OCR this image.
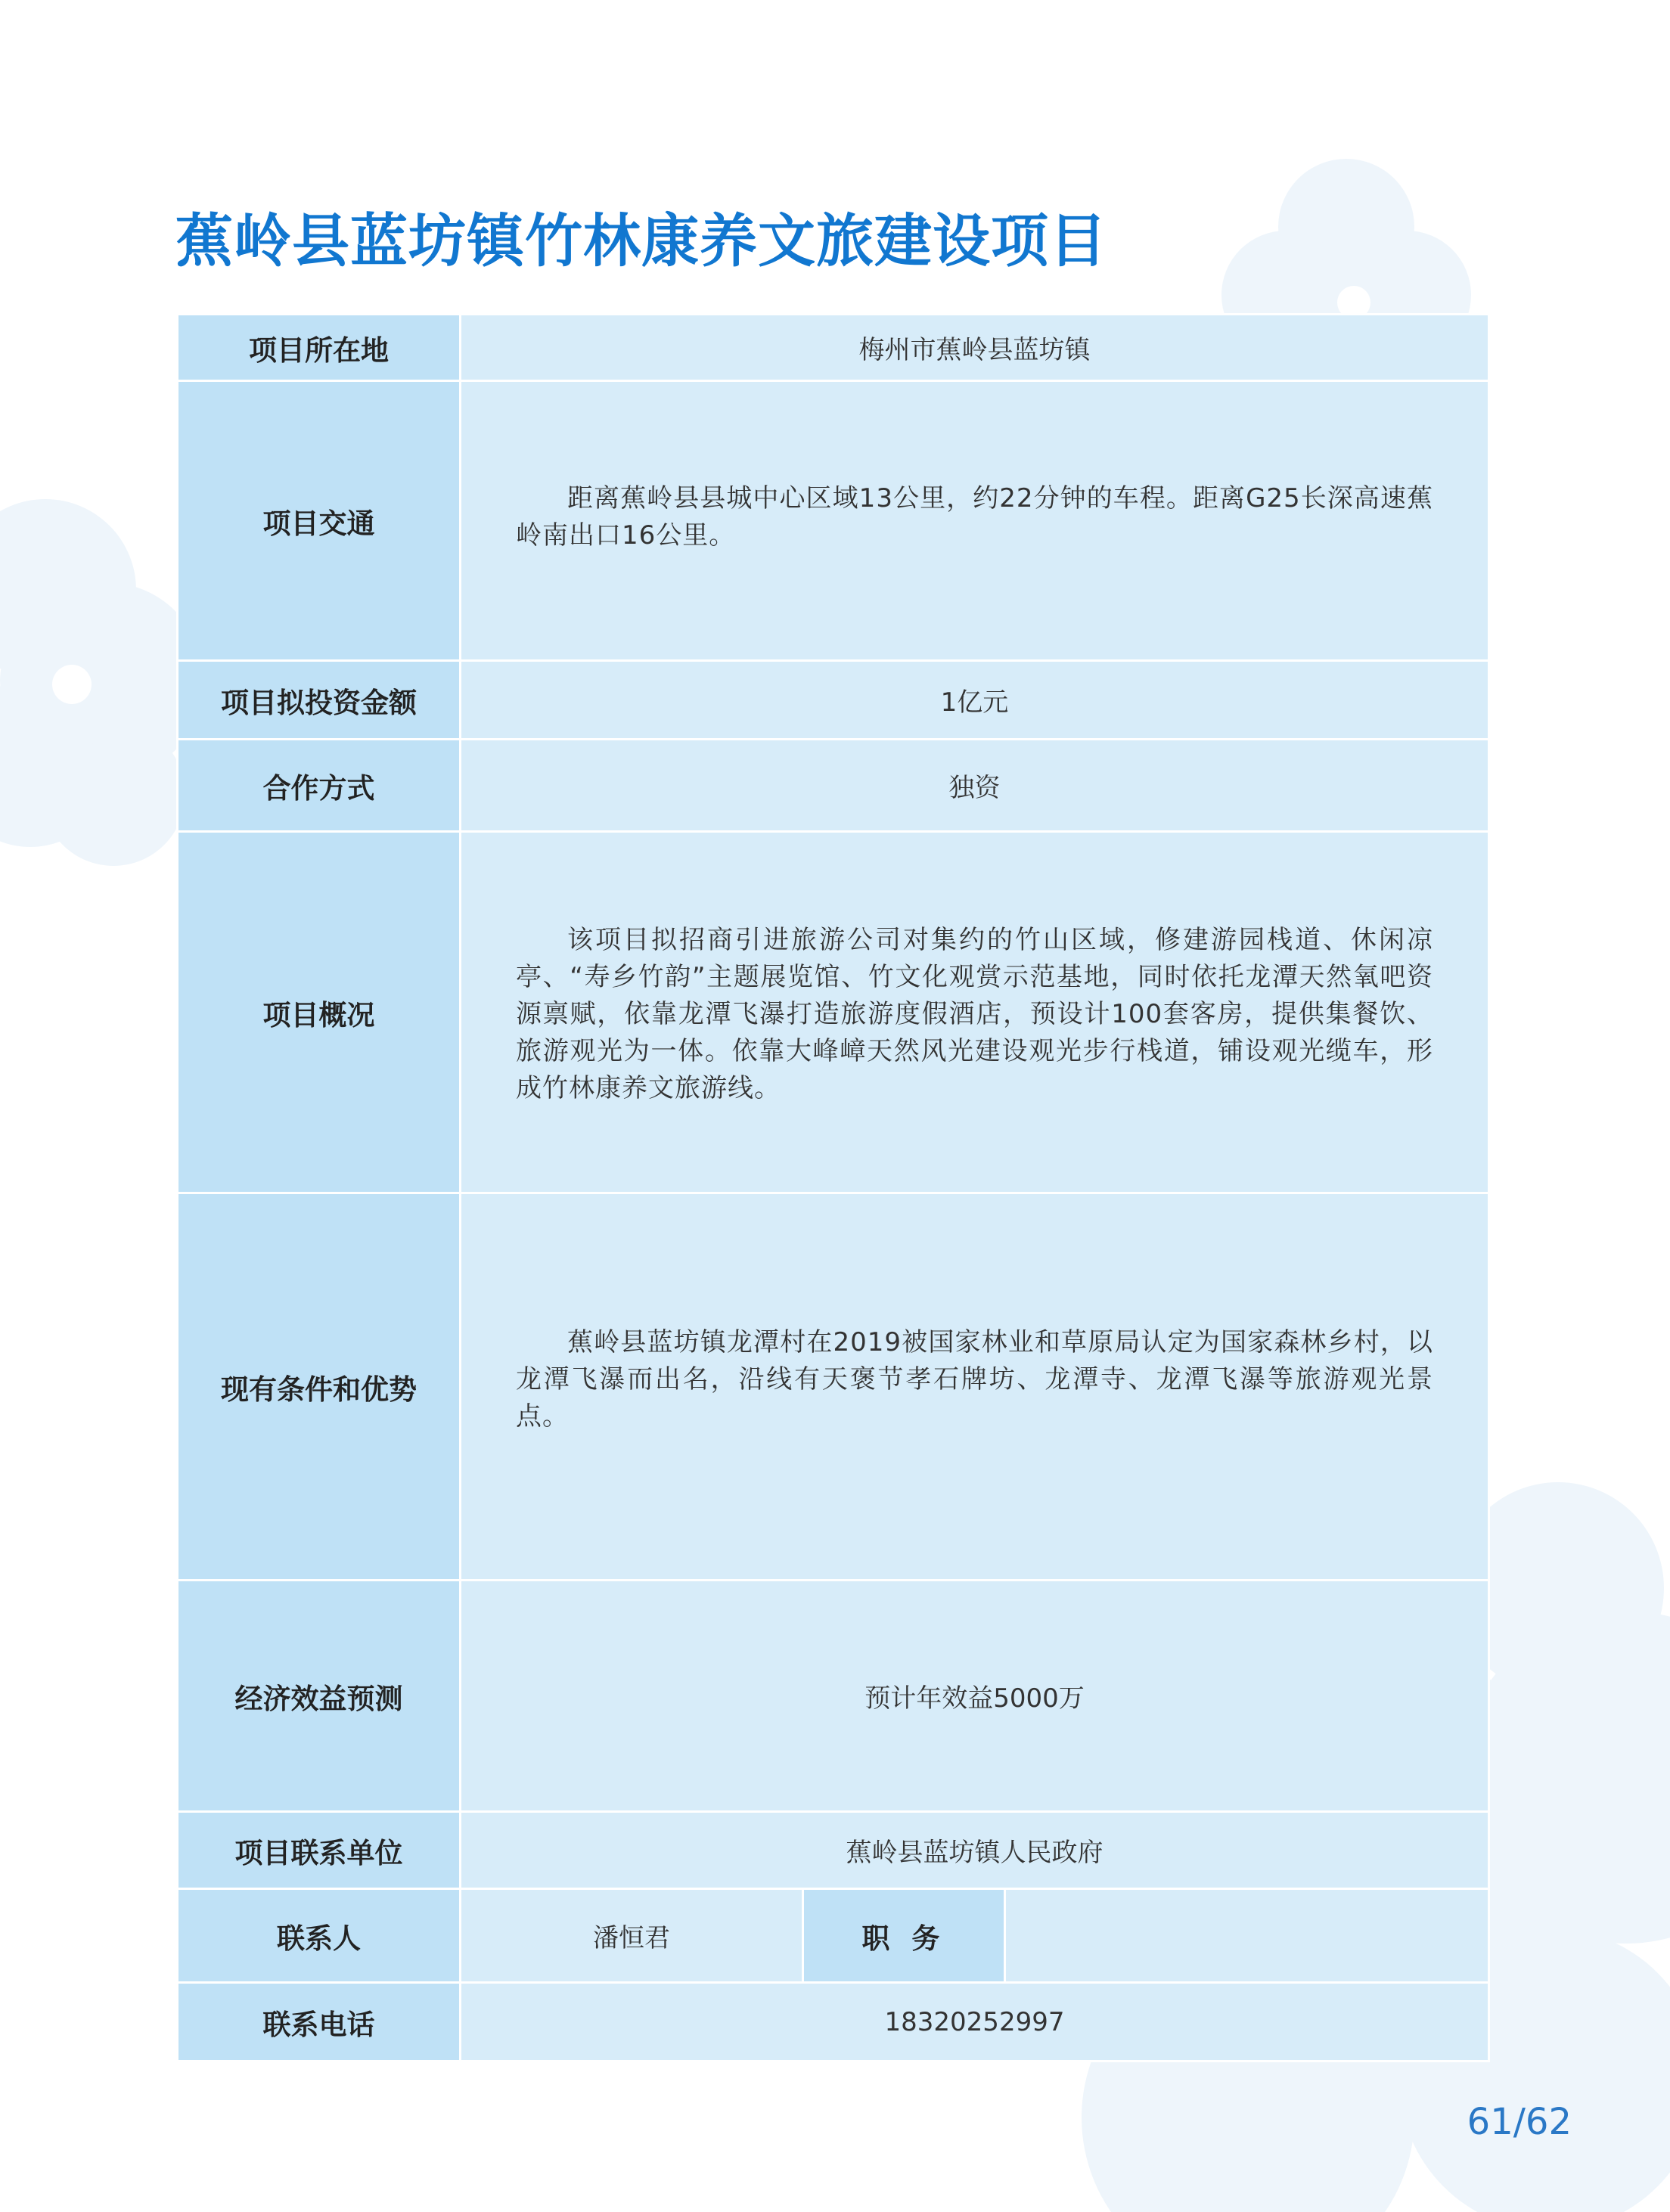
蕉岭县蓝坊镇竹林康养文旅建设项目
项目所在地	梅州市蕉岭县蓝坊镇		
项目交通	距离蕉岭县县城中心区域13公里，约22分钟的车程。距离G25长深高速蕉岭南出口16公里。		

项目拟投资金额	1亿元		
合作方式	独资		
项目概况	该项目拟招商引进旅游公司对集约的竹山区域，修建游园栈道、休闲凉亭、“寿乡竹韵”主题展览馆、竹文化观赏示范基地，同时依托龙潭天然氧吧资源禀赋，依靠龙潭飞瀑打造旅游度假酒店，预设计100套客房，提供集餐饮、旅游观光为一体。依靠大峰嶂天然风光建设观光步行栈道，铺设观光缆车，形成竹林康养文旅游线。		

现有条件和优势	蕉岭县蓝坊镇龙潭村在2019被国家林业和草原局认定为国家森林乡村，以龙潭飞瀑而出名，沿线有天褒节孝石牌坊、龙潭寺、龙潭飞瀑等旅游观光景点。		

经济效益预测	预计年效益5000万		
项目联系单位	蕉岭县蓝坊镇人民政府		
联系人	潘恒君	职 务	
联系电话	18320252997		
61/62
